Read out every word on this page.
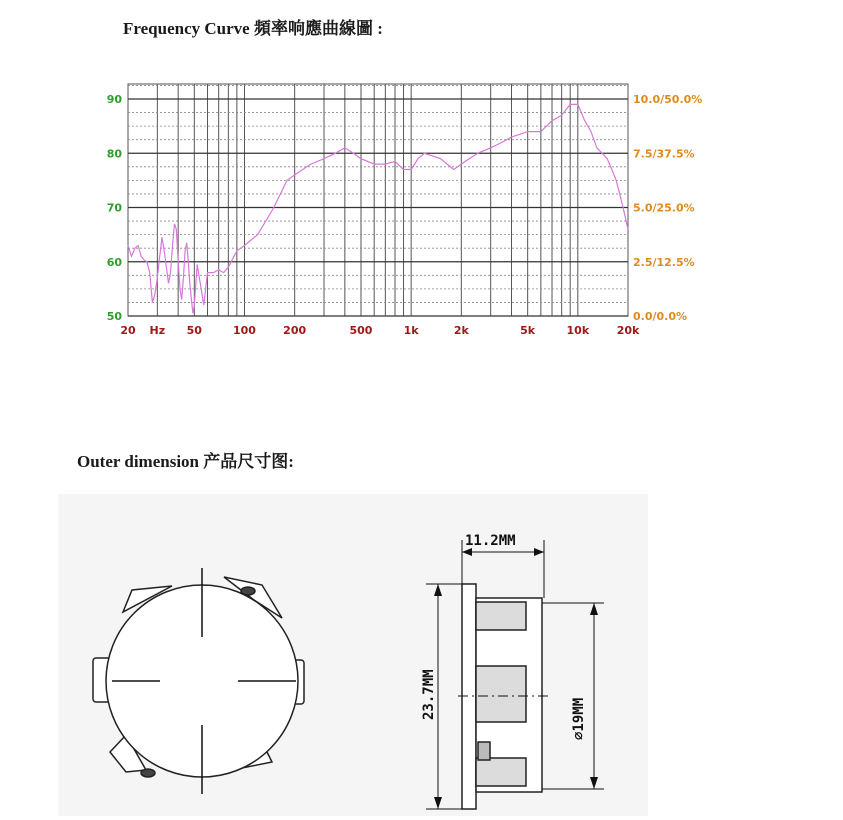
Frequency Curve 頻率响應曲線圖 :
90
80
70
60
50
10.0/50.0%
7.5/37.5%
5.0/25.0%
2.5/12.5%
0.0/0.0%
20 Hz 50	100 200	500	1k	2k	5k	10k	20k
Outer dimension 产品尺寸图:
11.2MM
23.7MM	⌀19MM
